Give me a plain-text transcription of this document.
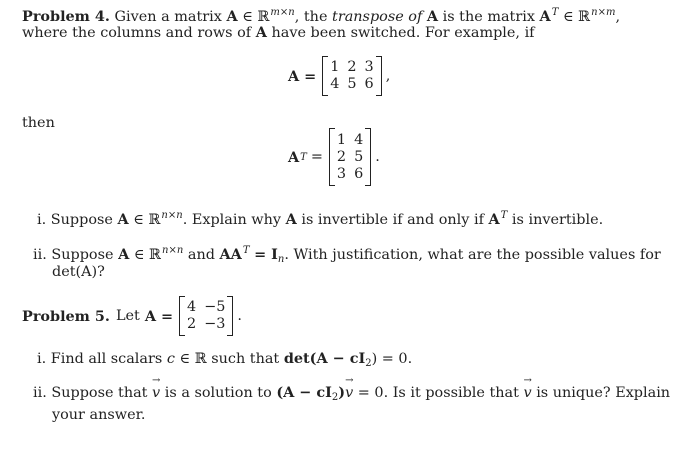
Problem 4. Given a matrix A ∈ ℝ$^{m\times n}$, the transpose of A is the matrix $A^T$ ∈ ℝ$^{n\times m}$,
where the columns and rows of A have been switched. For example, if
A =
1 2 3
4 5 6 ,
then
A T =
1 4
2 5
3 6
.
i. Suppose A ∈ ℝ$^{n\times n}$. Explain why A is invertible if and only if $A^T$ is invertible.
ii. Suppose A ∈ ℝ$^{n\times n}$ and $AA^T = I_n$. With justification, what are the possible values for
det(A)?
Problem 5. Let A =
4 −5
2 −3 .
i. Find all scalars c ∈ ℝ such that $\det(A - cI_2) = 0$.
ii. Suppose that → v is a solution to $(A - cI_2)\to v = 0$. Is it possible that → v is unique? Explain
your answer.
